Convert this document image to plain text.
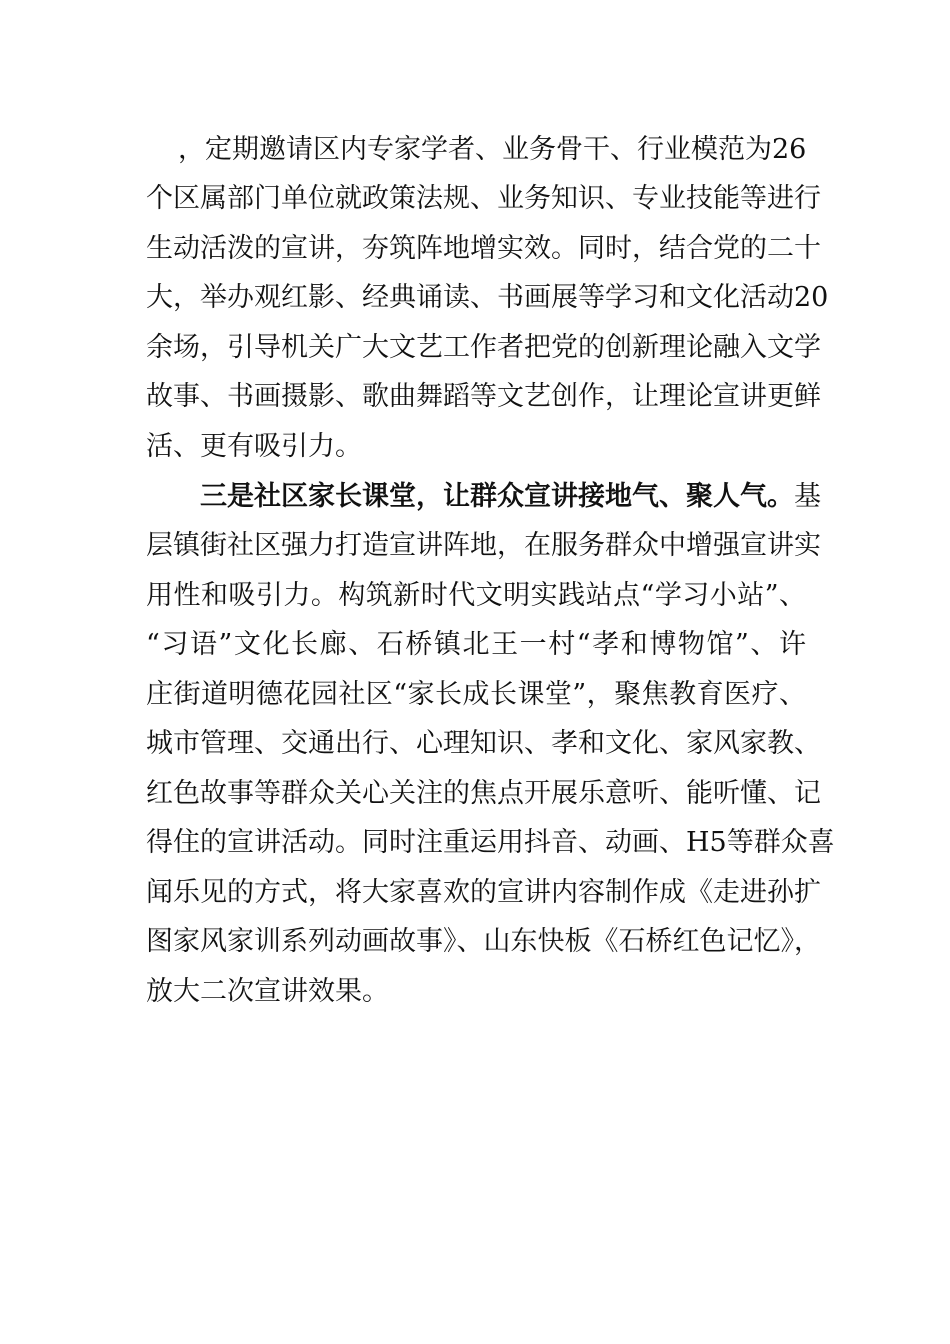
，定期邀请区内专家学者、业务骨干、行业模范为26
个区属部门单位就政策法规、业务知识、专业技能等进行
生动活泼的宣讲，夯筑阵地增实效。同时，结合党的二十
大，举办观红影、经典诵读、书画展等学习和文化活动20
余场，引导机关广大文艺工作者把党的创新理论融入文学
故事、书画摄影、歌曲舞蹈等文艺创作，让理论宣讲更鲜
活、更有吸引力。
三是社区家长课堂，让群众宣讲接地气、聚人气。基
层镇街社区强力打造宣讲阵地，在服务群众中增强宣讲实
用性和吸引力。构筑新时代文明实践站点“学习小站”、
“习语”文化长廊、石桥镇北王一村“孝和博物馆”、许
庄街道明德花园社区“家长成长课堂”，聚焦教育医疗、
城市管理、交通出行、心理知识、孝和文化、家风家教、
红色故事等群众关心关注的焦点开展乐意听、能听懂、记
得住的宣讲活动。同时注重运用抖音、动画、H5等群众喜
闻乐见的方式，将大家喜欢的宣讲内容制作成《走进孙扩
图家风家训系列动画故事》、山东快板《石桥红色记忆》，
放大二次宣讲效果。
